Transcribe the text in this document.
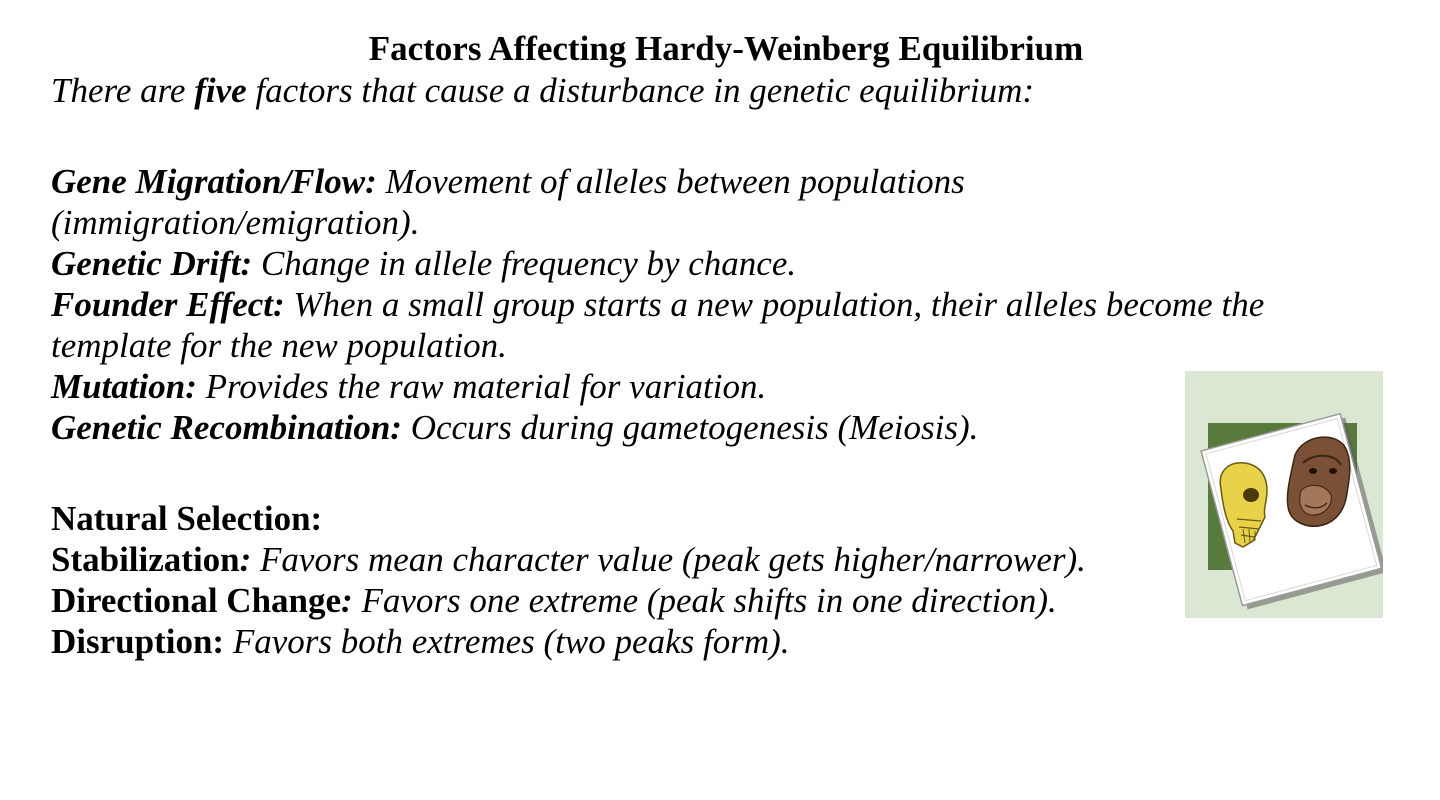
Factors Affecting Hardy-Weinberg Equilibrium
There are five factors that cause a disturbance in genetic equilibrium:
Gene Migration/Flow: Movement of alleles between populations
(immigration/emigration).
Genetic Drift: Change in allele frequency by chance.
Founder Effect: When a small group starts a new population, their alleles become the
template for the new population.
Mutation: Provides the raw material for variation.
Genetic Recombination: Occurs during gametogenesis (Meiosis).
Natural Selection:
Stabilization: Favors mean character value (peak gets higher/narrower).
Directional Change: Favors one extreme (peak shifts in one direction).
Disruption: Favors both extremes (two peaks form).
